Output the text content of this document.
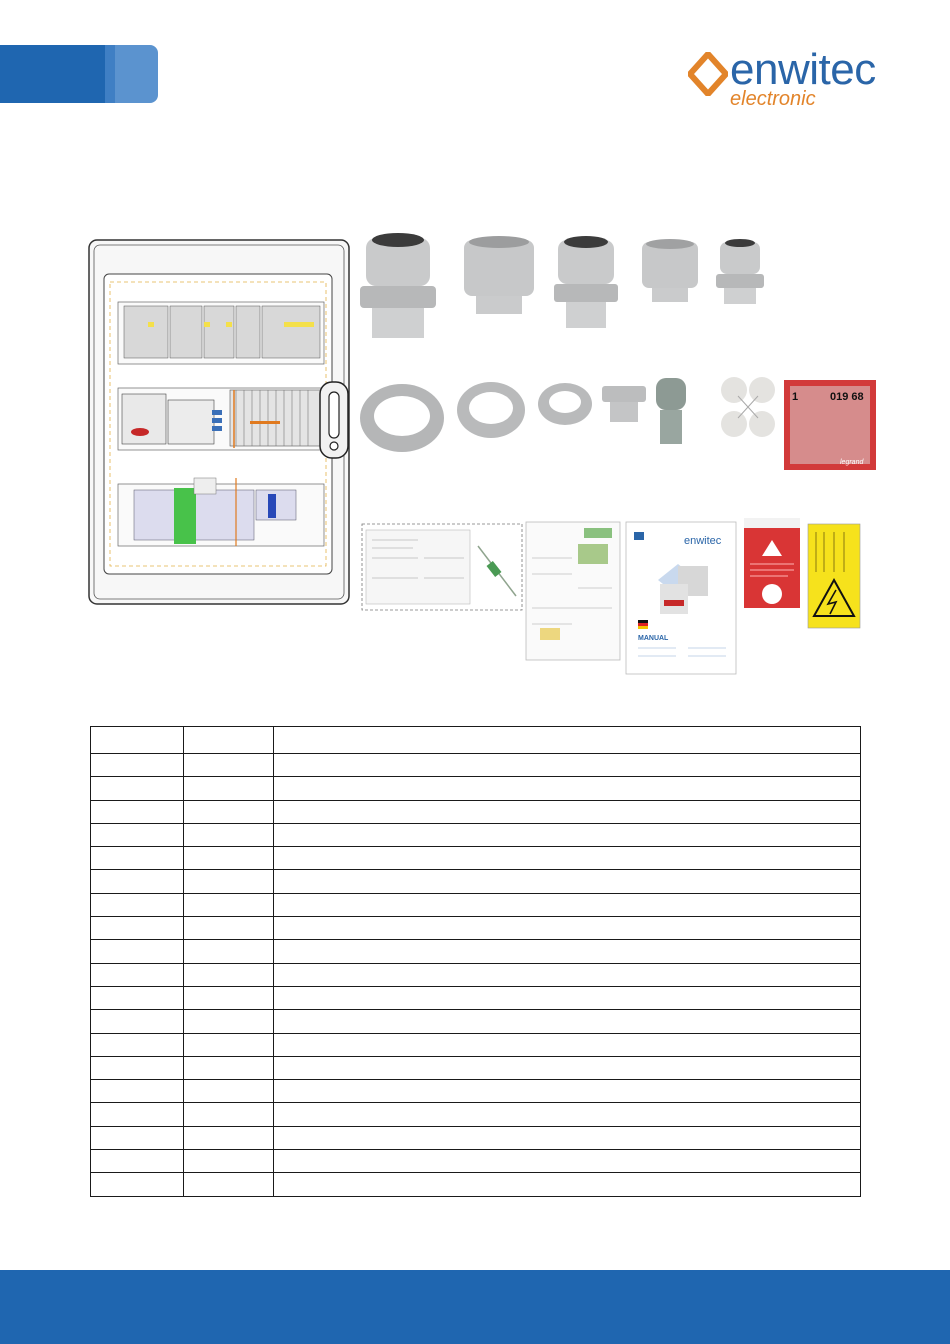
enwitec
electronic
1	019 68
legrand
enwitec
MANUAL
